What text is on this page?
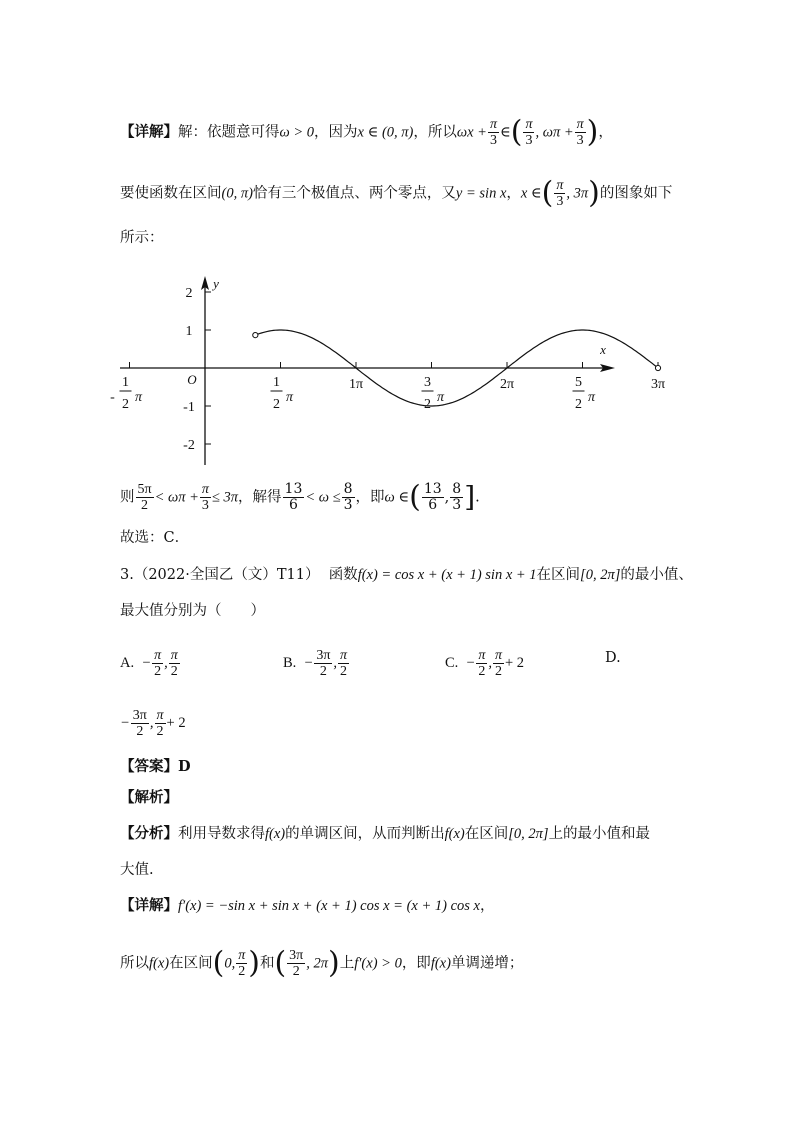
【详解】解：依题意可得ω > 0，因为x ∈ (0, π)，所以$\omega x + \frac{\pi}{3}$ ∈( $\frac{\pi}{3}$ , $\omega\pi + \frac{\pi}{3}$ )，
要使函数在区间(0, π)恰有三个极值点、两个零点，又y = sin x，x ∈( $\frac{\pi}{3}$ , 3π)的图象如下
所示：
x
y
O
2
1
-1
-2
-
1
2 π
1
2 π
1π	3
2 π
2π	5
2 π
3π
则 $\frac{5\pi}{2} < \omega\pi + \frac{\pi}{3} \le 3\pi$，解得 $\frac{13}{6} < \omega \le \frac{8}{3}$ ，即ω ∈( $\frac{13}{6}$ , $\frac{8}{3}$ ].
故选：C．
3.（2022·全国乙（文）T11） 函数f(x) = cos x + (x + 1) sin x + 1在区间[0, 2π]的最小值、
最大值分别为（　　）
A. − $\frac{\pi}{2}$ , $\frac{\pi}{2}$	B. − $\frac{3\pi}{2}$ , $\frac{\pi}{2}$	C. − $\frac{\pi}{2}$ , $\frac{\pi}{2} + 2$	D.
− $\frac{3\pi}{2}$ , $\frac{\pi}{2} + 2$
【答案】D
【解析】
【分析】利用导数求得f(x)的单调区间，从而判断出f(x)在区间[0, 2π]上的最小值和最
大值.
【详解】f′(x) = −sin x + sin x + (x + 1) cos x = (x + 1) cos x，
所以f(x)在区间(0, $\frac{\pi}{2}$ )和( $\frac{3\pi}{2}$ , 2π)上f′(x) > 0，即f(x)单调递增；
